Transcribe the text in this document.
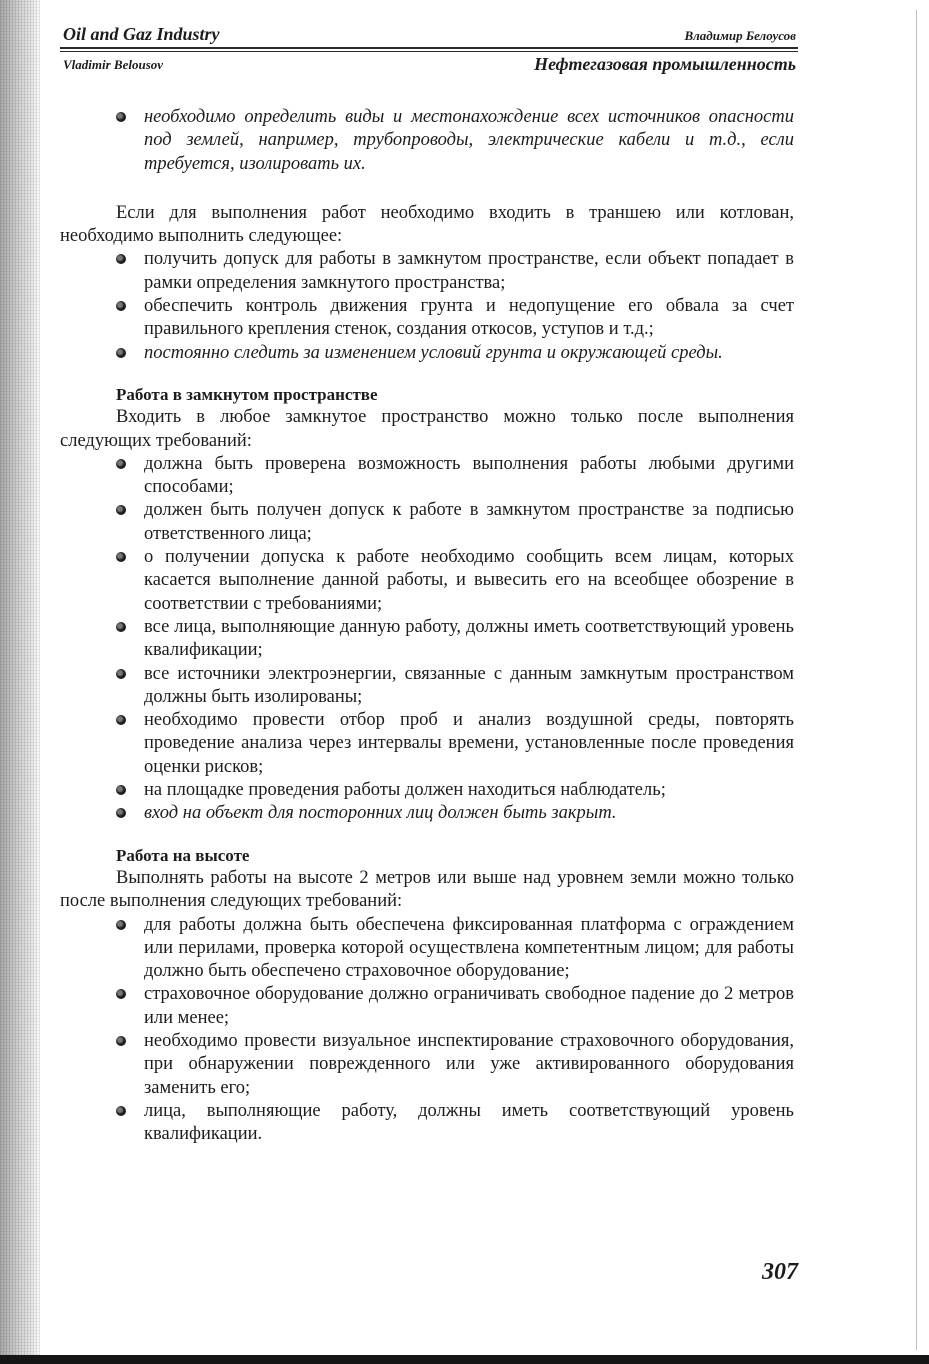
Oil and Gaz Industry	Владимир Белоусов
Vladimir Belousov	Нефтегазовая промышленность
необходимо определить виды и местонахождение всех источников опасности под землей, например, трубопроводы, электрические кабели и т.д., если требуется, изолировать их.

Если для выполнения работ необходимо входить в траншею или котлован, необходимо выполнить следующее:

получить допуск для работы в замкнутом пространстве, если объект попадает в рамки определения замкнутого пространства;
обеспечить контроль движения грунта и недопущение его обвала за счет правильного крепления стенок, создания откосов, уступов и т.д.;
постоянно следить за изменением условий грунта и окружающей среды.

Работа в замкнутом пространстве

Входить в любое замкнутое пространство можно только после выполнения следующих требований:

должна быть проверена возможность выполнения работы любыми другими способами;
должен быть получен допуск к работе в замкнутом пространстве за подписью ответственного лица;
о получении допуска к работе необходимо сообщить всем лицам, которых касается выполнение данной работы, и вывесить его на всеобщее обозрение в соответствии с требованиями;
все лица, выполняющие данную работу, должны иметь соответствующий уровень квалификации;
все источники электроэнергии, связанные с данным замкнутым пространством должны быть изолированы;
необходимо провести отбор проб и анализ воздушной среды, повторять проведение анализа через интервалы времени, установленные после проведения оценки рисков;
на площадке проведения работы должен находиться наблюдатель;
вход на объект для посторонних лиц должен быть закрыт.

Работа на высоте

Выполнять работы на высоте 2 метров или выше над уровнем земли можно только после выполнения следующих требований:

для работы должна быть обеспечена фиксированная платформа с ограждением или перилами, проверка которой осуществлена компетентным лицом; для работы должно быть обеспечено страховочное оборудование;
страховочное оборудование должно ограничивать свободное падение до 2 метров или менее;
необходимо провести визуальное инспектирование страховочного оборудования, при обнаружении поврежденного или уже активированного оборудования заменить его;
лица, выполняющие работу, должны иметь соответствующий уровень квалификации.
307
